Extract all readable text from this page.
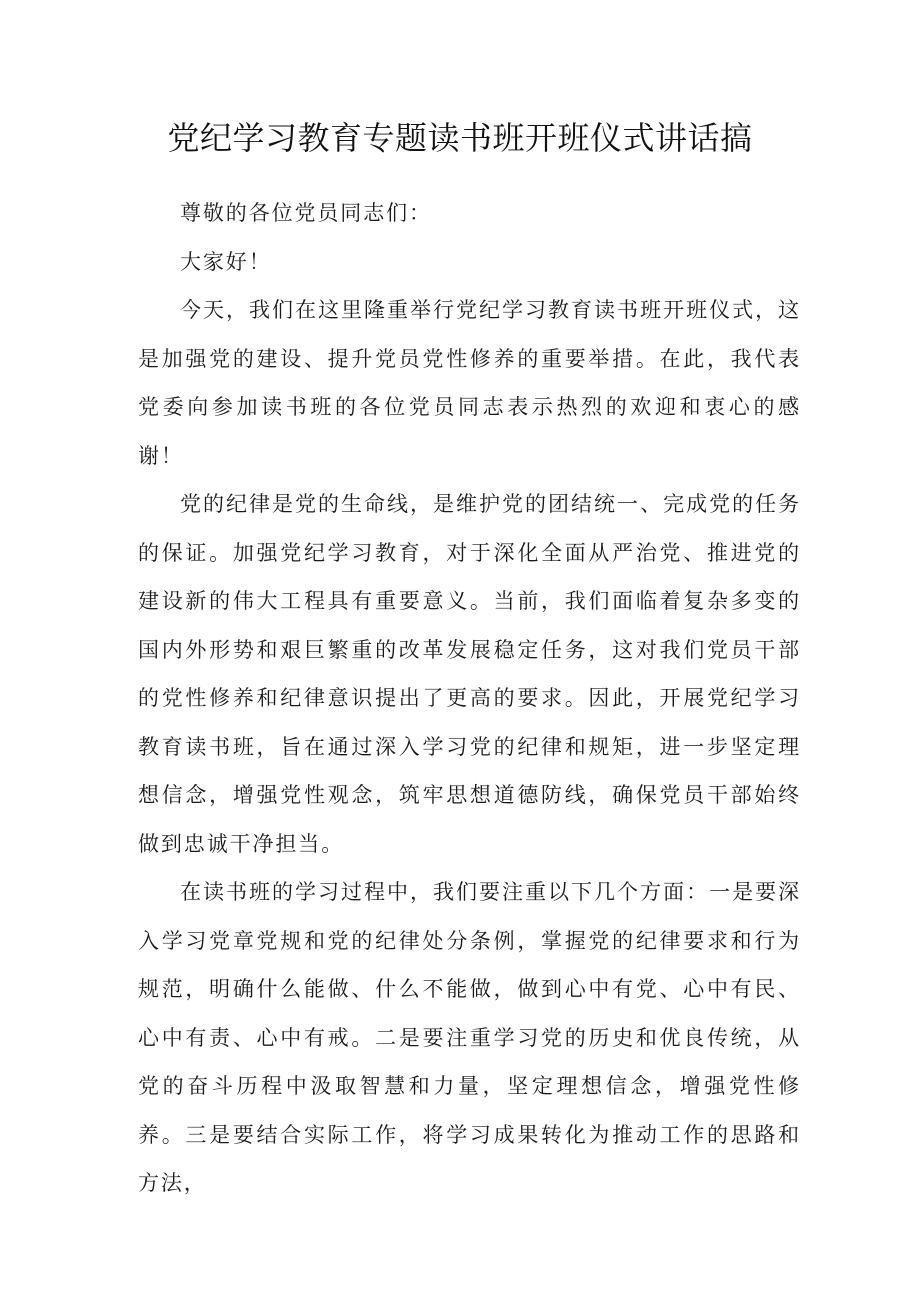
党纪学习教育专题读书班开班仪式讲话搞

尊敬的各位党员同志们：

大家好！

今天，我们在这里隆重举行党纪学习教育读书班开班仪式，这是加强党的建设、提升党员党性修养的重要举措。在此，我代表党委向参加读书班的各位党员同志表示热烈的欢迎和衷心的感谢！

党的纪律是党的生命线，是维护党的团结统一、完成党的任务的保证。加强党纪学习教育，对于深化全面从严治党、推进党的建设新的伟大工程具有重要意义。当前，我们面临着复杂多变的国内外形势和艰巨繁重的改革发展稳定任务，这对我们党员干部的党性修养和纪律意识提出了更高的要求。因此，开展党纪学习教育读书班，旨在通过深入学习党的纪律和规矩，进一步坚定理想信念，增强党性观念，筑牢思想道德防线，确保党员干部始终做到忠诚干净担当。

在读书班的学习过程中，我们要注重以下几个方面：一是要深入学习党章党规和党的纪律处分条例，掌握党的纪律要求和行为规范，明确什么能做、什么不能做，做到心中有党、心中有民、心中有责、心中有戒。二是要注重学习党的历史和优良传统，从党的奋斗历程中汲取智慧和力量，坚定理想信念，增强党性修养。三是要结合实际工作，将学习成果转化为推动工作的思路和方法，
